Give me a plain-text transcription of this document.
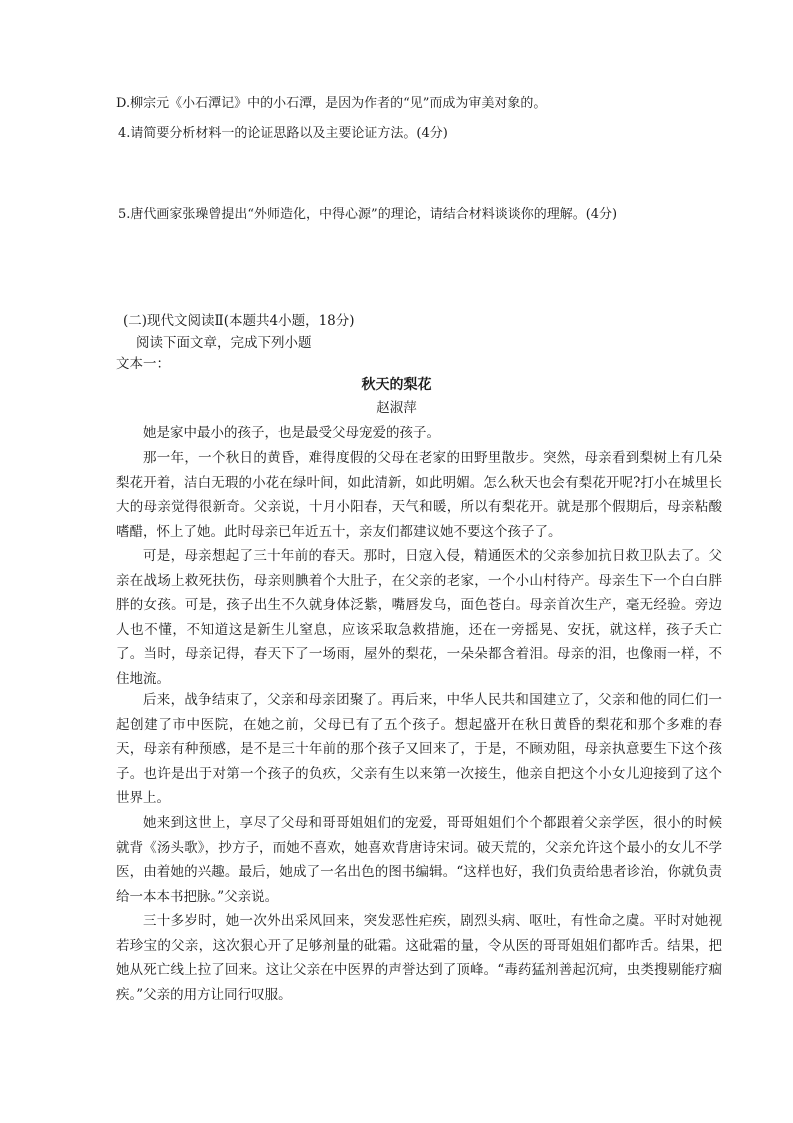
D.柳宗元《小石潭记》中的小石潭，是因为作者的“见”而成为审美对象的。
4.请简要分析材料一的论证思路以及主要论证方法。(4分)
5.唐代画家张璪曾提出“外师造化，中得心源”的理论，请结合材料谈谈你的理解。(4分)
(二)现代文阅读Ⅱ(本题共4小题，18分)
阅读下面文章，完成下列小题
文本一：
秋天的梨花
赵淑萍
她是家中最小的孩子，也是最受父母宠爱的孩子。
那一年，一个秋日的黄昏，难得度假的父母在老家的田野里散步。突然，母亲看到梨树上有几朵梨花开着，洁白无瑕的小花在绿叶间，如此清新，如此明媚。怎么秋天也会有梨花开呢?打小在城里长大的母亲觉得很新奇。父亲说，十月小阳春，天气和暖，所以有梨花开。就是那个假期后，母亲粘酸嗜醋，怀上了她。此时母亲已年近五十，亲友们都建议她不要这个孩子了。
可是，母亲想起了三十年前的春天。那时，日寇入侵，精通医术的父亲参加抗日救卫队去了。父亲在战场上救死扶伤，母亲则腆着个大肚子，在父亲的老家，一个小山村待产。母亲生下一个白白胖胖的女孩。可是，孩子出生不久就身体泛紫，嘴唇发乌，面色苍白。母亲首次生产，毫无经验。旁边人也不懂，不知道这是新生儿窒息，应该采取急救措施，还在一旁摇晃、安抚，就这样，孩子夭亡了。当时，母亲记得，春天下了一场雨，屋外的梨花，一朵朵都含着泪。母亲的泪，也像雨一样，不住地流。
后来，战争结束了，父亲和母亲团聚了。再后来，中华人民共和国建立了，父亲和他的同仁们一起创建了市中医院，在她之前，父母已有了五个孩子。想起盛开在秋日黄昏的梨花和那个多难的春天，母亲有种预感，是不是三十年前的那个孩子又回来了，于是，不顾劝阻，母亲执意要生下这个孩子。也许是出于对第一个孩子的负疚，父亲有生以来第一次接生，他亲自把这个小女儿迎接到了这个世界上。
她来到这世上，享尽了父母和哥哥姐姐们的宠爱，哥哥姐姐们个个都跟着父亲学医，很小的时候就背《汤头歌》，抄方子，而她不喜欢，她喜欢背唐诗宋词。破天荒的，父亲允许这个最小的女儿不学医，由着她的兴趣。最后，她成了一名出色的图书编辑。“这样也好，我们负责给患者诊治，你就负责给一本本书把脉。”父亲说。
三十多岁时，她一次外出采风回来，突发恶性疟疾，剧烈头病、呕吐，有性命之虞。平时对她视若珍宝的父亲，这次狠心开了足够剂量的砒霜。这砒霜的量，令从医的哥哥姐姐们都咋舌。结果，把她从死亡线上拉了回来。这让父亲在中医界的声誉达到了顶峰。“毒药猛剂善起沉疴，虫类搜剔能疗痼疾。”父亲的用方让同行叹服。
